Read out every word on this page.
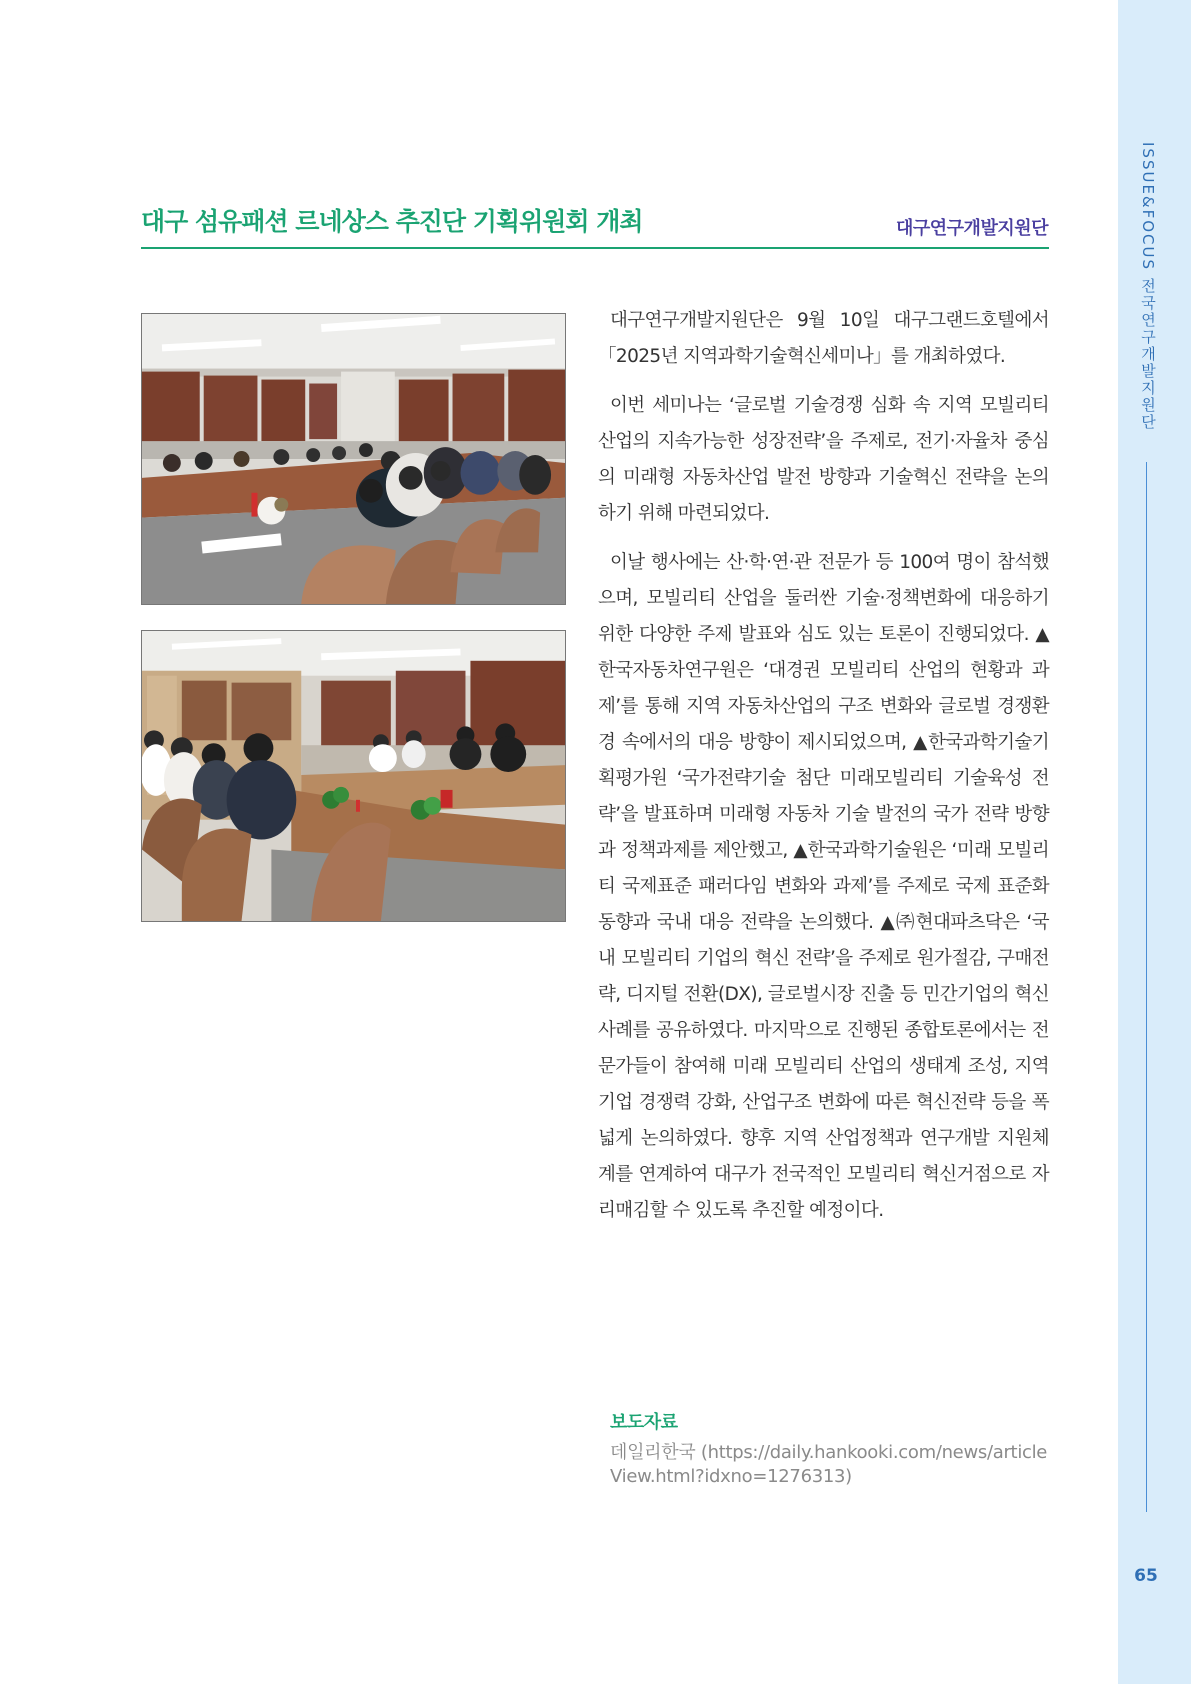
ISSUE&FOCUS 전국연구개발지원단
65
대구 섬유패션 르네상스 추진단 기획위원회 개최	대구연구개발지원단

대구연구개발지원단은 9월 10일 대구그랜드호텔에서 「2025년 지역과학기술혁신세미나」를 개최하였다.

이번 세미나는 ‘글로벌 기술경쟁 심화 속 지역 모빌리티 산업의 지속가능한 성장전략’을 주제로, 전기·자율차 중심의 미래형 자동차산업 발전 방향과 기술혁신 전략을 논의하기 위해 마련되었다.

이날 행사에는 산·학·연·관 전문가 등 100여 명이 참석했으며, 모빌리티 산업을 둘러싼 기술·정책변화에 대응하기 위한 다양한 주제 발표와 심도 있는 토론이 진행되었다. ▲한국자동차연구원은 ‘대경권 모빌리티 산업의 현황과 과제’를 통해 지역 자동차산업의 구조 변화와 글로벌 경쟁환경 속에서의 대응 방향이 제시되었으며, ▲한국과학기술기획평가원 ‘국가전략기술 첨단 미래모빌리티 기술육성 전략’을 발표하며 미래형 자동차 기술 발전의 국가 전략 방향과 정책과제를 제안했고, ▲한국과학기술원은 ‘미래 모빌리티 국제표준 패러다임 변화와 과제’를 주제로 국제 표준화 동향과 국내 대응 전략을 논의했다. ▲㈜현대파츠닥은 ‘국내 모빌리티 기업의 혁신 전략’을 주제로 원가절감, 구매전략, 디지털 전환(DX), 글로벌시장 진출 등 민간기업의 혁신사례를 공유하였다. 마지막으로 진행된 종합토론에서는 전문가들이 참여해 미래 모빌리티 산업의 생태계 조성, 지역 기업 경쟁력 강화, 산업구조 변화에 따른 혁신전략 등을 폭넓게 논의하였다. 향후 지역 산업정책과 연구개발 지원체계를 연계하여 대구가 전국적인 모빌리티 혁신거점으로 자리매김할 수 있도록 추진할 예정이다.

보도자료
데일리한국 (https://daily.hankooki.com/news/articleView.html?idxno=1276313)
